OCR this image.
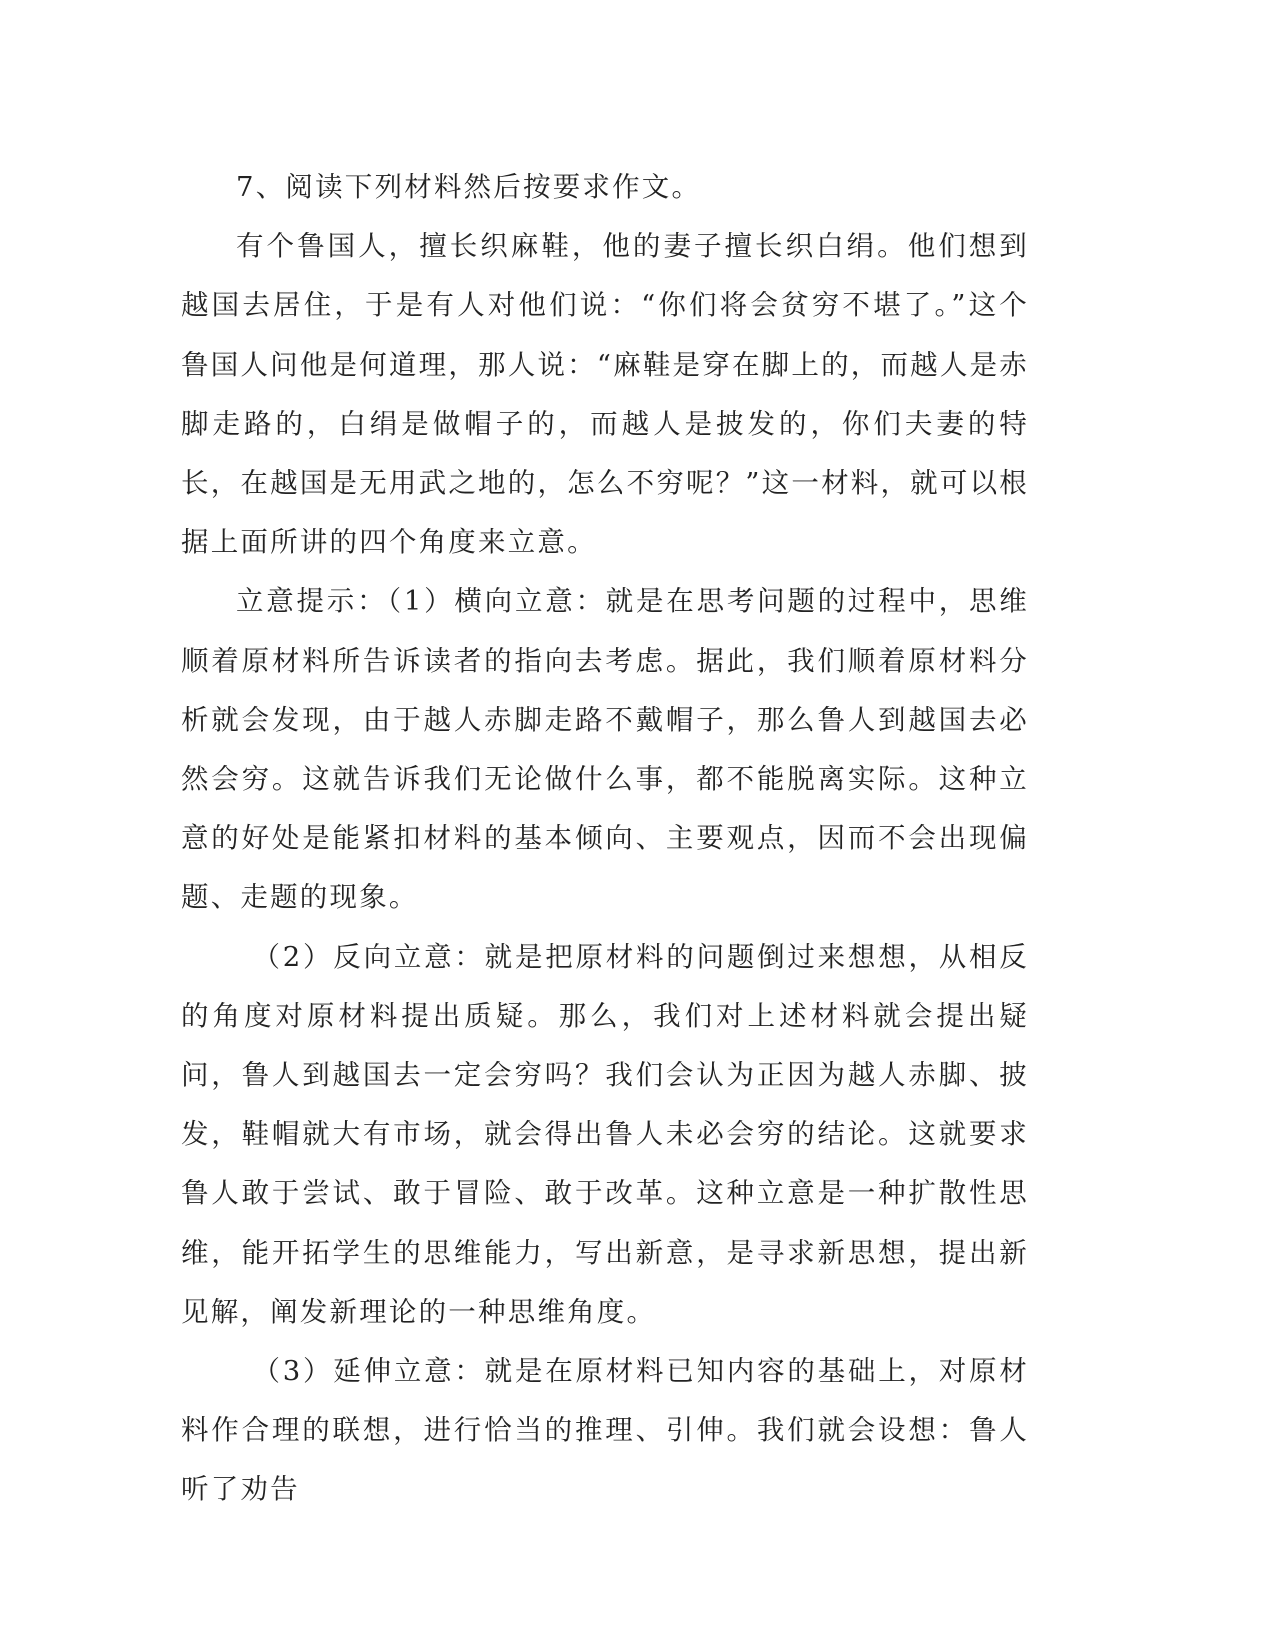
7、阅读下列材料然后按要求作文。

有个鲁国人，擅长织麻鞋，他的妻子擅长织白绢。他们想到越国去居住，于是有人对他们说：“你们将会贫穷不堪了。”这个鲁国人问他是何道理，那人说：“麻鞋是穿在脚上的，而越人是赤脚走路的，白绢是做帽子的，而越人是披发的，你们夫妻的特长，在越国是无用武之地的，怎么不穷呢？”这一材料，就可以根据上面所讲的四个角度来立意。

立意提示：（1）横向立意：就是在思考问题的过程中，思维顺着原材料所告诉读者的指向去考虑。据此，我们顺着原材料分析就会发现，由于越人赤脚走路不戴帽子，那么鲁人到越国去必然会穷。这就告诉我们无论做什么事，都不能脱离实际。这种立意的好处是能紧扣材料的基本倾向、主要观点，因而不会出现偏题、走题的现象。

（2）反向立意：就是把原材料的问题倒过来想想，从相反的角度对原材料提出质疑。那么，我们对上述材料就会提出疑问，鲁人到越国去一定会穷吗？我们会认为正因为越人赤脚、披发，鞋帽就大有市场，就会得出鲁人未必会穷的结论。这就要求鲁人敢于尝试、敢于冒险、敢于改革。这种立意是一种扩散性思维，能开拓学生的思维能力，写出新意，是寻求新思想，提出新见解，阐发新理论的一种思维角度。

（3）延伸立意：就是在原材料已知内容的基础上，对原材料作合理的联想，进行恰当的推理、引伸。我们就会设想：鲁人听了劝告
